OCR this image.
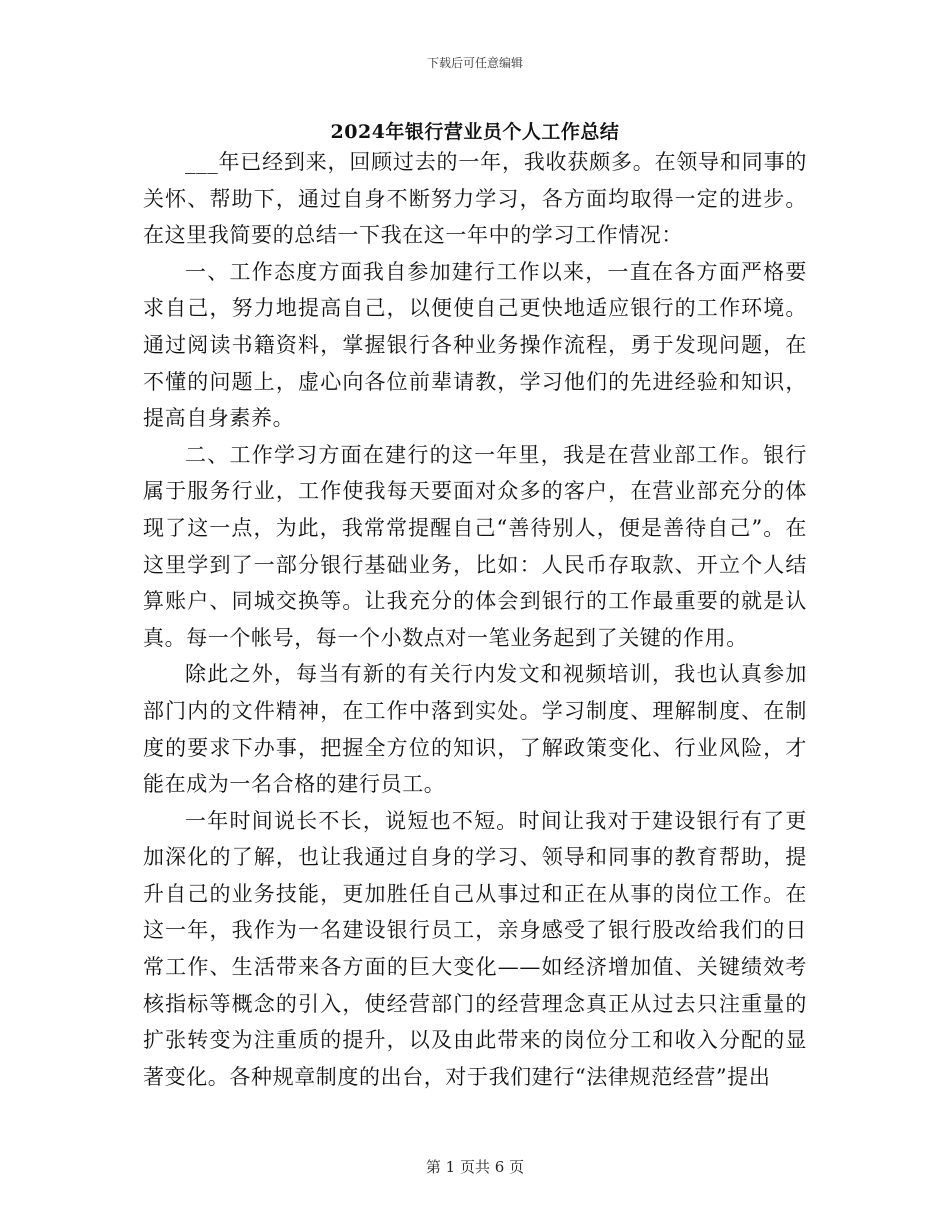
下载后可任意编辑
2024年银行营业员个人工作总结

___年已经到来，回顾过去的一年，我收获颇多。在领导和同事的关怀、帮助下，通过自身不断努力学习，各方面均取得一定的进步。在这里我简要的总结一下我在这一年中的学习工作情况：

一、工作态度方面我自参加建行工作以来，一直在各方面严格要求自己，努力地提高自己，以便使自己更快地适应银行的工作环境。通过阅读书籍资料，掌握银行各种业务操作流程，勇于发现问题，在不懂的问题上，虚心向各位前辈请教，学习他们的先进经验和知识，提高自身素养。

二、工作学习方面在建行的这一年里，我是在营业部工作。银行属于服务行业，工作使我每天要面对众多的客户，在营业部充分的体现了这一点，为此，我常常提醒自己“善待别人，便是善待自己”。在这里学到了一部分银行基础业务，比如：人民币存取款、开立个人结算账户、同城交换等。让我充分的体会到银行的工作最重要的就是认真。每一个帐号，每一个小数点对一笔业务起到了关键的作用。

除此之外，每当有新的有关行内发文和视频培训，我也认真参加部门内的文件精神，在工作中落到实处。学习制度、理解制度、在制度的要求下办事，把握全方位的知识，了解政策变化、行业风险，才能在成为一名合格的建行员工。

一年时间说长不长，说短也不短。时间让我对于建设银行有了更加深化的了解，也让我通过自身的学习、领导和同事的教育帮助，提升自己的业务技能，更加胜任自己从事过和正在从事的岗位工作。在这一年，我作为一名建设银行员工，亲身感受了银行股改给我们的日常工作、生活带来各方面的巨大变化——如经济增加值、关键绩效考核指标等概念的引入，使经营部门的经营理念真正从过去只注重量的扩张转变为注重质的提升，以及由此带来的岗位分工和收入分配的显著变化。各种规章制度的出台，对于我们建行“法律规范经营”提出

第 1 页共 6 页
